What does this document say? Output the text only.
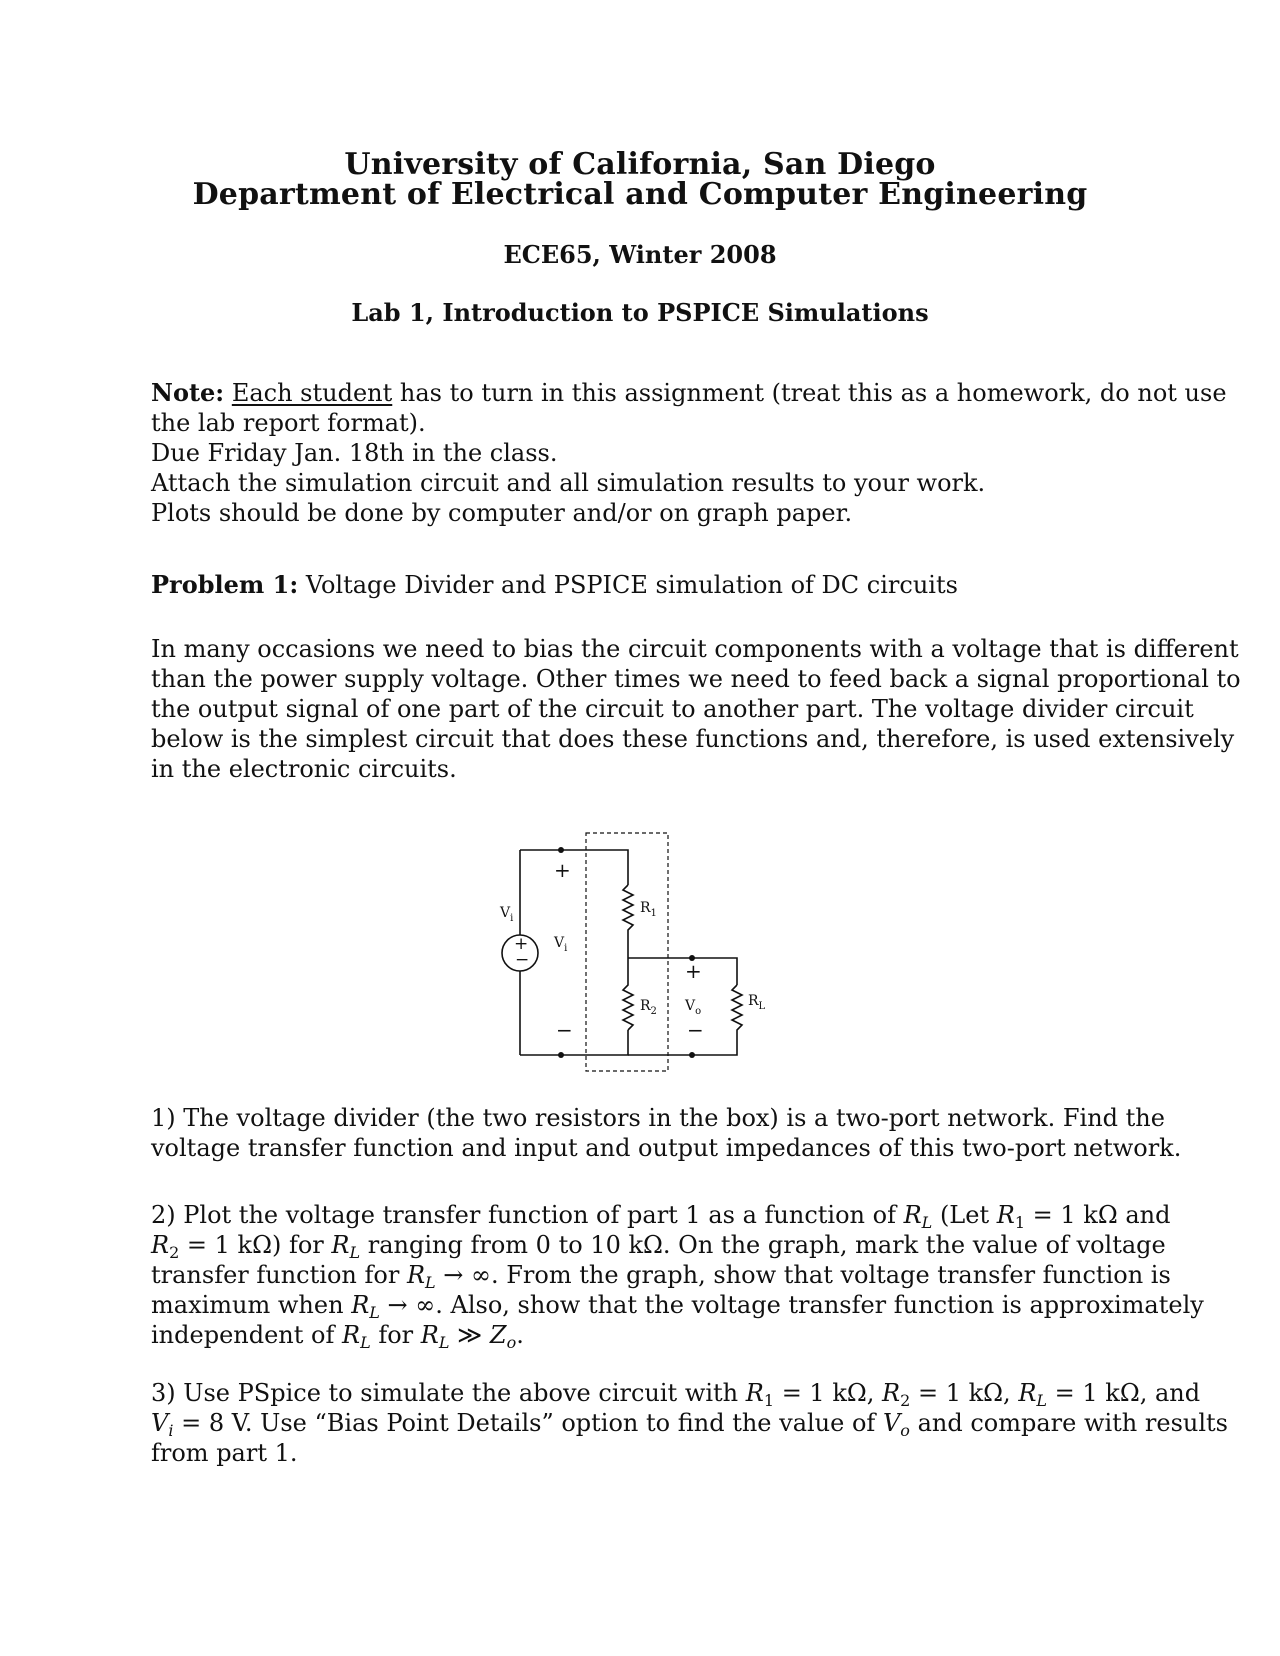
University of California, San Diego
Department of Electrical and Computer Engineering
ECE65, Winter 2008
Lab 1, Introduction to PSPICE Simulations
Note: Each student has to turn in this assignment (treat this as a homework, do not use
the lab report format).
Due Friday Jan. 18th in the class.
Attach the simulation circuit and all simulation results to your work.
Plots should be done by computer and/or on graph paper.
Problem 1: Voltage Divider and PSPICE simulation of DC circuits
In many occasions we need to bias the circuit components with a voltage that is different
than the power supply voltage. Other times we need to feed back a signal proportional to
the output signal of one part of the circuit to another part. The voltage divider circuit
below is the simplest circuit that does these functions and, therefore, is used extensively
in the electronic circuits.
+
−
$V_i$
+
−
$V_i$
$R_1$
$R_2$
+
−
$V_o$
$R_L$
1) The voltage divider (the two resistors in the box) is a two-port network. Find the
voltage transfer function and input and output impedances of this two-port network.
2) Plot the voltage transfer function of part 1 as a function of $R_L$ (Let $R_1 = 1$ kΩ and
$R_2 = 1$ kΩ) for $R_L$ ranging from 0 to 10 kΩ. On the graph, mark the value of voltage
transfer function for $R_L$ → ∞. From the graph, show that voltage transfer function is
maximum when $R_L$ → ∞. Also, show that the voltage transfer function is approximately
independent of $R_L$ for $R_L$ ≫ $Z_o$.
3) Use PSpice to simulate the above circuit with $R_1 = 1$ kΩ, $R_2 = 1$ kΩ, $R_L = 1$ kΩ, and
$V_i = 8$ V. Use “Bias Point Details” option to find the value of $V_o$ and compare with results
from part 1.
